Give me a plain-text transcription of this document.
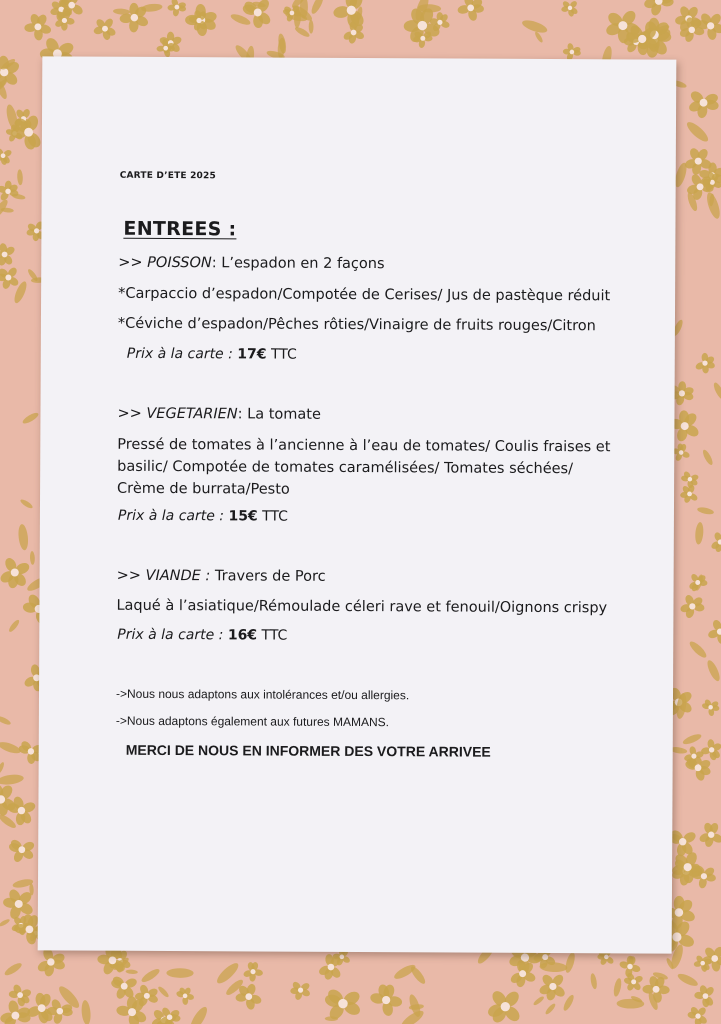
CARTE D’ETE 2025

ENTREES :

>> POISSON: L’espadon en 2 façons

*Carpaccio d’espadon/Compotée de Cerises/ Jus de pastèque réduit

*Céviche d’espadon/Pêches rôties/Vinaigre de fruits rouges/Citron

Prix à la carte : 17€ TTC

>> VEGETARIEN: La tomate

Pressé de tomates à l’ancienne à l’eau de tomates/ Coulis fraises et basilic/ Compotée de tomates caramélisées/ Tomates séchées/ Crème de burrata/Pesto

Prix à la carte : 15€ TTC

>> VIANDE : Travers de Porc

Laqué à l’asiatique/Rémoulade céleri rave et fenouil/Oignons crispy

Prix à la carte : 16€ TTC

->Nous nous adaptons aux intolérances et/ou allergies.

->Nous adaptons également aux futures MAMANS.

MERCI DE NOUS EN INFORMER DES VOTRE ARRIVEE
